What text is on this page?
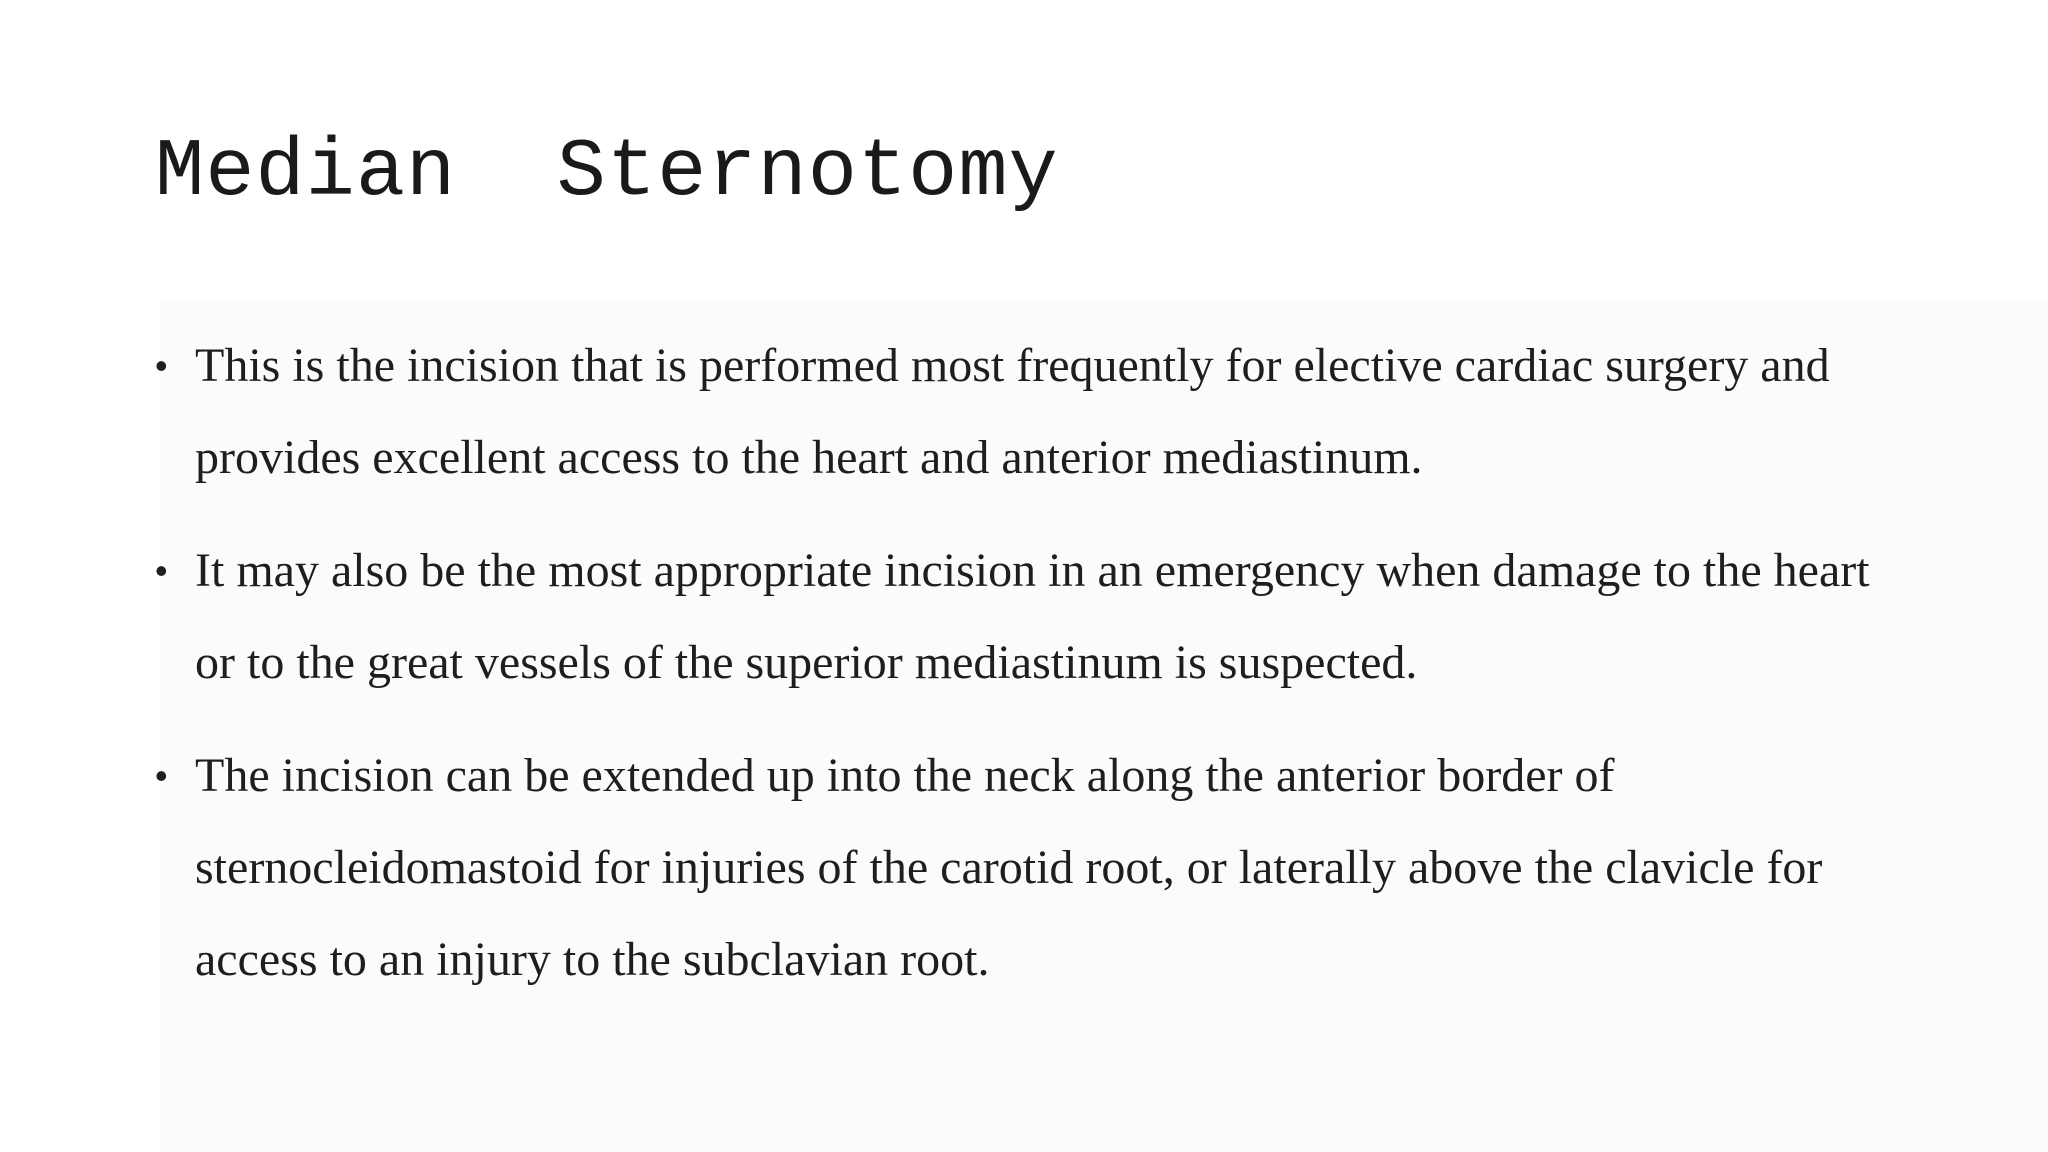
Median  Sternotomy
• This is the incision that is performed most frequently for elective cardiac surgery and provides excellent access to the heart and anterior mediastinum.
• It may also be the most appropriate incision in an emergency when damage to the heart or to the great vessels of the superior mediastinum is suspected.
• The incision can be extended up into the neck along the anterior border of sternocleidomastoid for injuries of the carotid root, or laterally above the clavicle for access to an injury to the subclavian root.
